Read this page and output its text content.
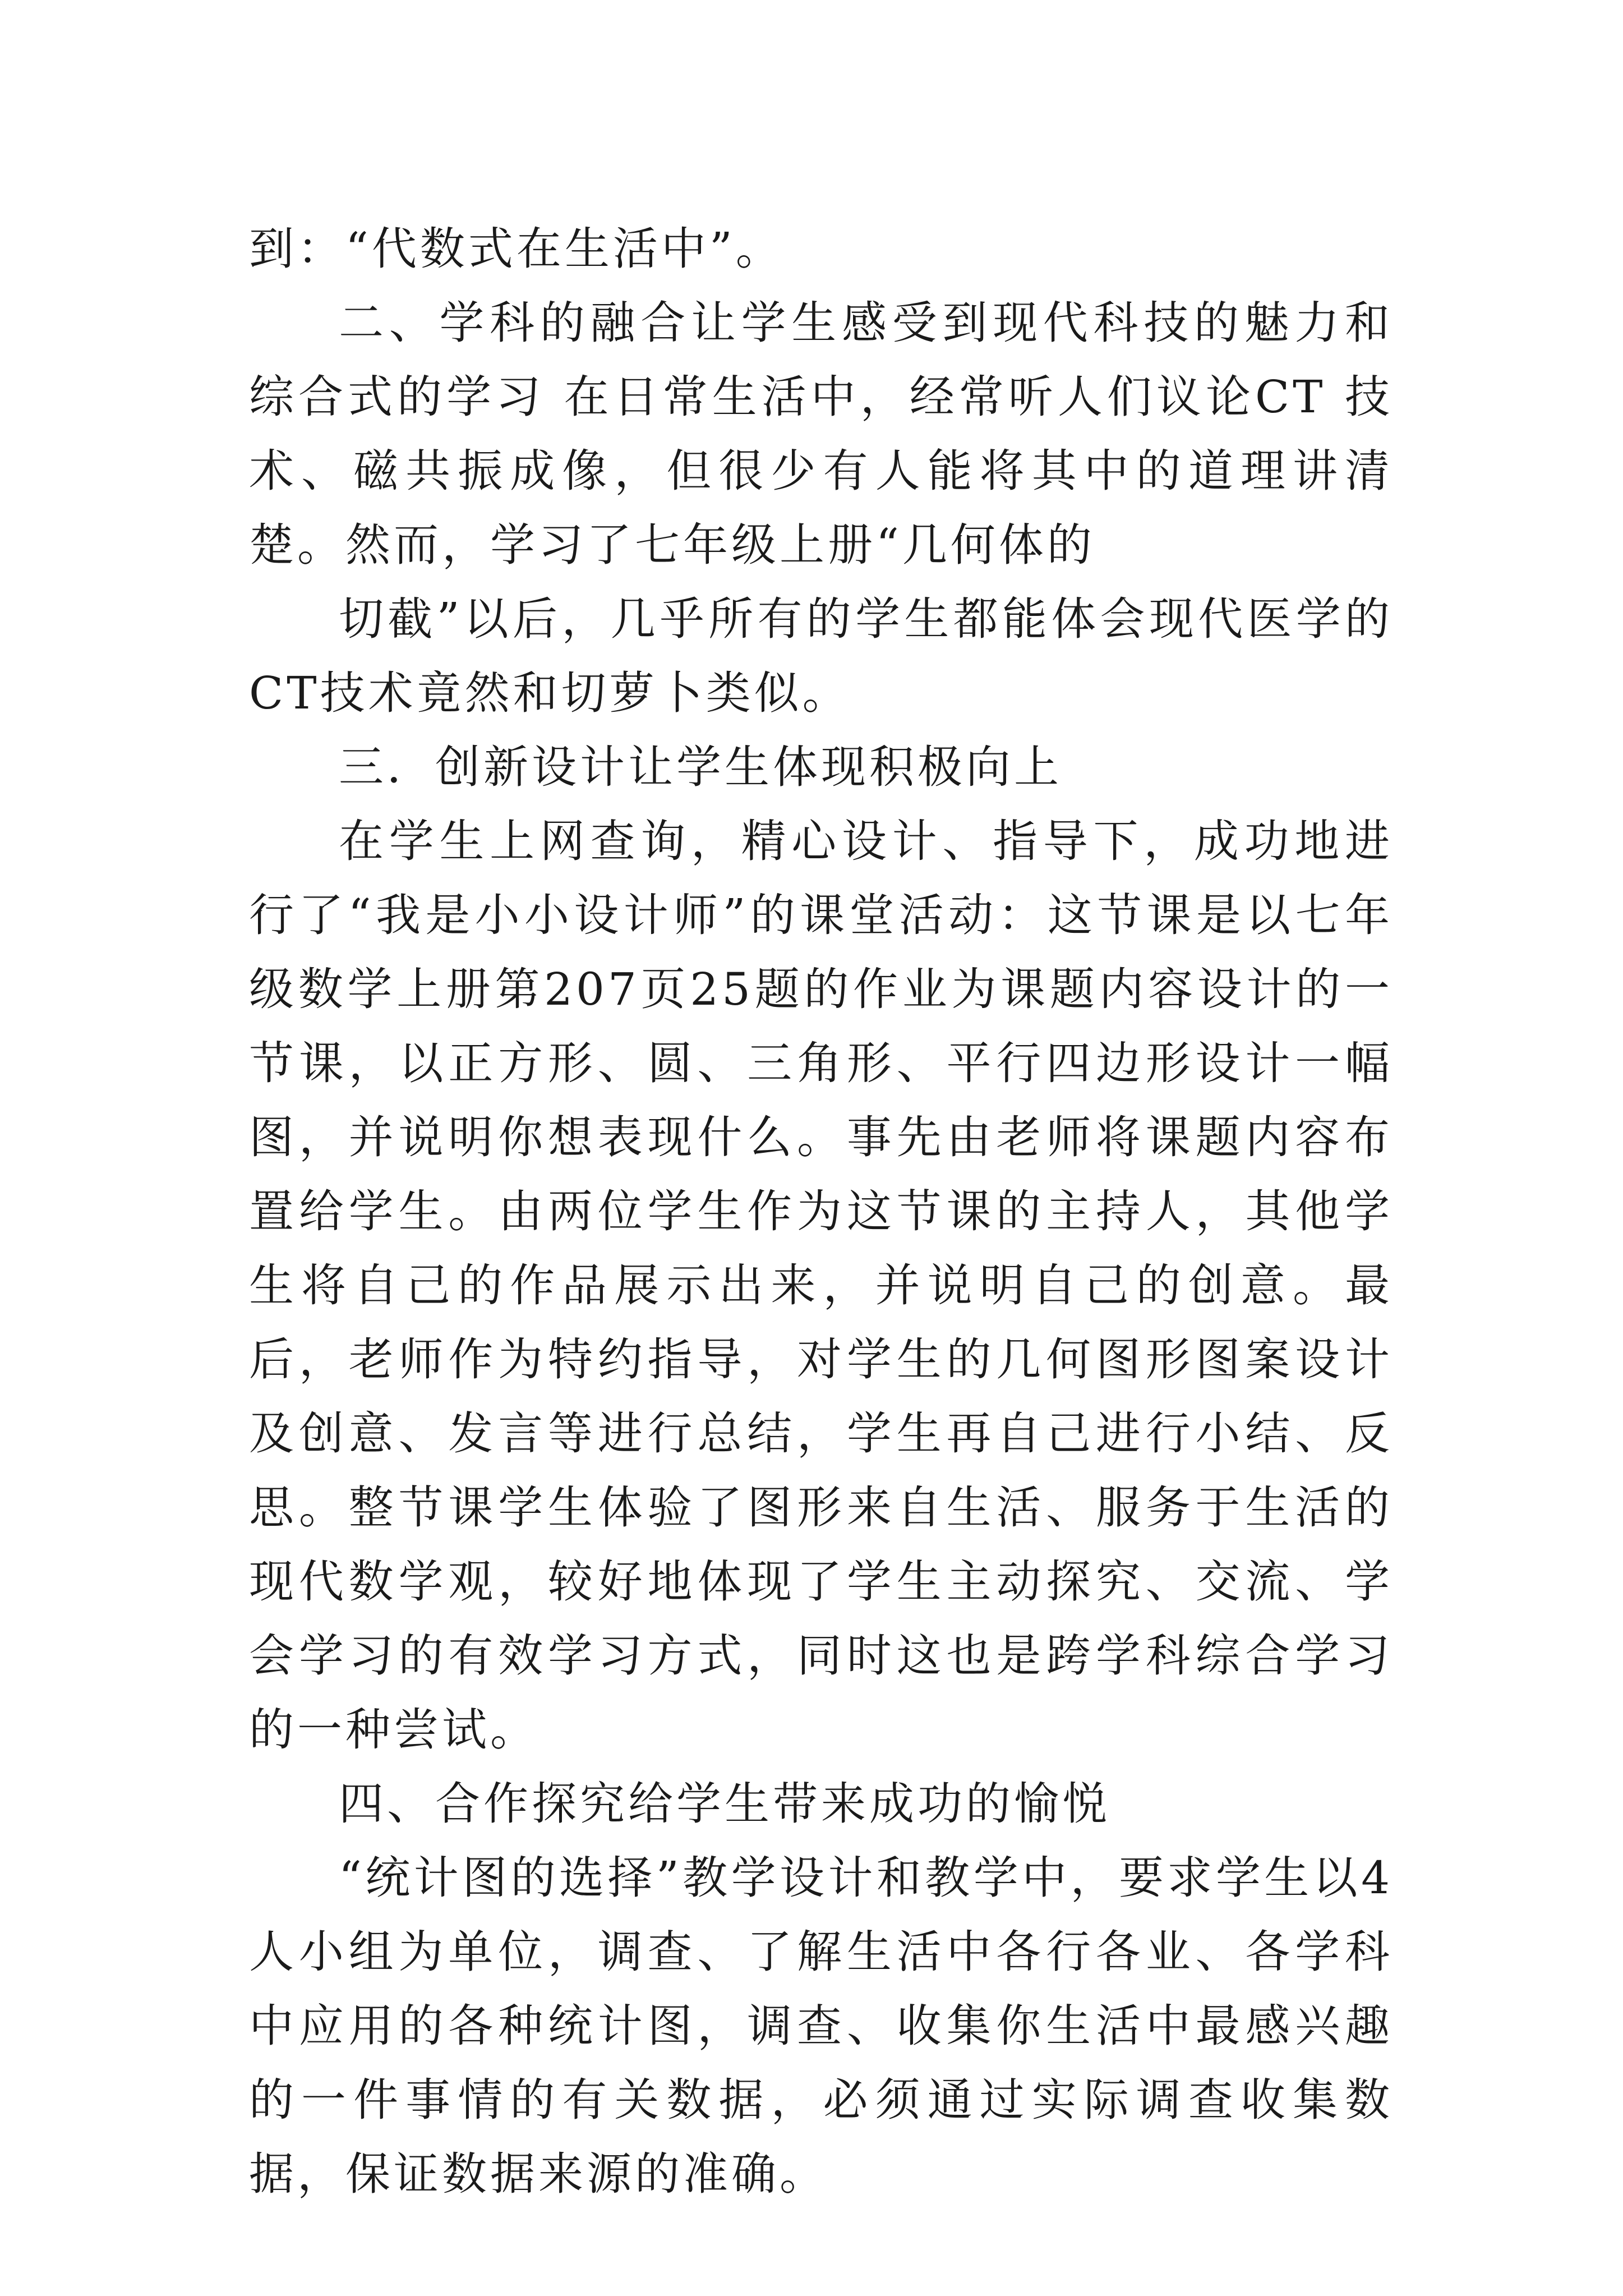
到：“代数式在生活中”。

二、学科的融合让学生感受到现代科技的魅力和综合式的学习 在日常生活中，经常听人们议论CT 技术、磁共振成像，但很少有人能将其中的道理讲清楚。然而，学习了七年级上册“几何体的

切截”以后，几乎所有的学生都能体会现代医学的CT技术竟然和切萝卜类似。

三．创新设计让学生体现积极向上

在学生上网查询，精心设计、指导下，成功地进行了“我是小小设计师”的课堂活动：这节课是以七年级数学上册第207页25题的作业为课题内容设计的一节课，以正方形、圆、三角形、平行四边形设计一幅图，并说明你想表现什么。事先由老师将课题内容布置给学生。由两位学生作为这节课的主持人，其他学生将自己的作品展示出来，并说明自己的创意。最后，老师作为特约指导，对学生的几何图形图案设计及创意、发言等进行总结，学生再自己进行小结、反思。整节课学生体验了图形来自生活、服务于生活的现代数学观，较好地体现了学生主动探究、交流、学会学习的有效学习方式，同时这也是跨学科综合学习的一种尝试。

四、合作探究给学生带来成功的愉悦

“统计图的选择”教学设计和教学中，要求学生以4人小组为单位，调查、了解生活中各行各业、各学科中应用的各种统计图，调查、收集你生活中最感兴趣的一件事情的有关数据，必须通过实际调查收集数据，保证数据来源的准确。
